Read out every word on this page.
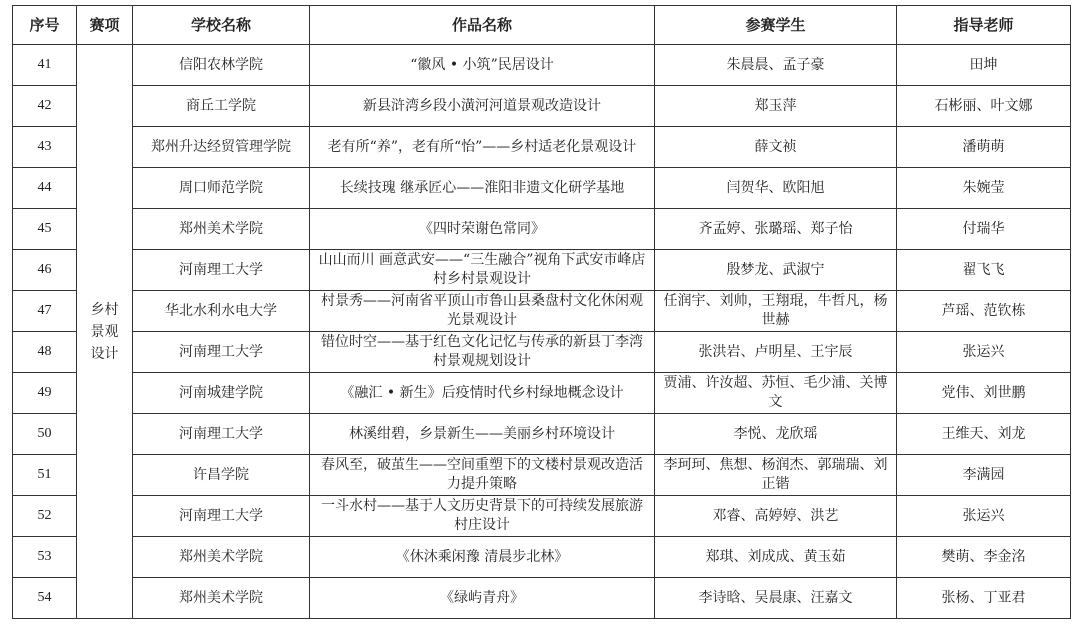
序号	赛项	学校名称	作品名称	参赛学生	指导老师
41	乡村景观设计	信阳农林学院	“徽风 • 小筑”民居设计	朱晨晨、孟子豪	田坤
42		商丘工学院	新县浒湾乡段小潢河河道景观改造设计	郑玉萍	石彬丽、叶文娜
43		郑州升达经贸管理学院	老有所“养”，老有所“怡”——乡村适老化景观设计	薛文祯	潘萌萌
44		周口师范学院	长续技瑰 继承匠心——淮阳非遗文化研学基地	闫贺华、欧阳旭	朱婉莹
45		郑州美术学院	《四时荣谢色常同》	齐孟婷、张璐瑶、郑子怡	付瑞华
46		河南理工大学	山山而川 画意武安——“三生融合”视角下武安市峰店村乡村景观设计	殷梦龙、武淑宁	翟飞飞
47		华北水利水电大学	村景秀——河南省平顶山市鲁山县桑盘村文化休闲观光景观设计	任润宇、刘帅，王翔琨，牛哲凡，杨世赫	芦瑶、范钦栋
48		河南理工大学	错位时空——基于红色文化记忆与传承的新县丁李湾村景观规划设计	张洪岩、卢明星、王宇辰	张运兴
49		河南城建学院	《融汇 • 新生》后疫情时代乡村绿地概念设计	贾浦、许汝超、苏恒、毛少浦、关博文	党伟、刘世鹏
50		河南理工大学	林溪绀碧，乡景新生——美丽乡村环境设计	李悦、龙欣瑶	王维天、刘龙
51		许昌学院	春风至，破茧生——空间重塑下的文楼村景观改造活力提升策略	李珂珂、焦想、杨润杰、郭瑞瑞、刘正锴	李满园
52		河南理工大学	一斗水村——基于人文历史背景下的可持续发展旅游村庄设计	邓睿、高婷婷、洪艺	张运兴
53		郑州美术学院	《休沐乘闲豫 清晨步北林》	郑琪、刘成成、黄玉茹	樊萌、李金洺
54		郑州美术学院	《绿屿青舟》	李诗晗、吴晨康、汪嘉文	张杨、丁亚君
